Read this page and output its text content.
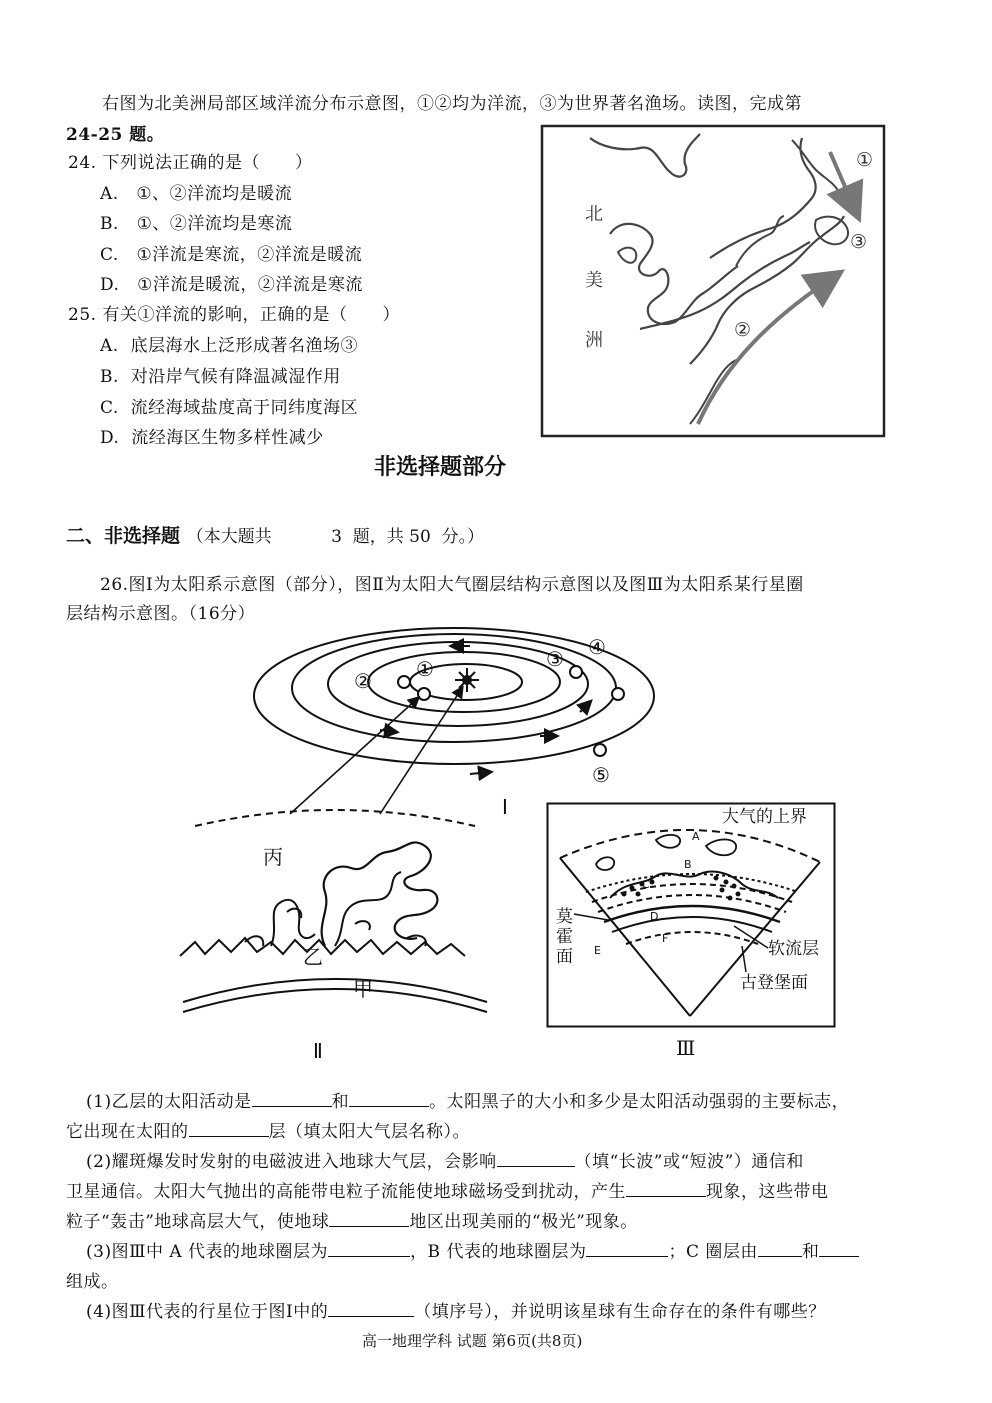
右图为北美洲局部区域洋流分布示意图，①②均为洋流，③为世界著名渔场。读图，完成第
24-25 题。
24. 下列说法正确的是（　　）
A. ①、②洋流均是暖流
B. ①、②洋流均是寒流
C. ①洋流是寒流，②洋流是暖流
D. ①洋流是暖流，②洋流是寒流
25. 有关①洋流的影响，正确的是（　　）
A. 底层海水上泛形成著名渔场③
B. 对沿岸气候有降温减湿作用
C. 流经海域盐度高于同纬度海区
D. 流经海区生物多样性减少
北
美
洲
①
③
②
非选择题部分
二、非选择题 （本大题共	3 题，共 50 分。）
26.图Ⅰ为太阳系示意图（部分），图Ⅱ为太阳大气圈层结构示意图以及图Ⅲ为太阳系某行星圈
层结构示意图。（16分）
①
②
③ ④
⑤
Ⅰ
丙
乙
甲
Ⅱ
A
B
C
D
E
F
大气的上界
莫
霍
面	软流层
古登堡面
Ⅲ
(1)乙层的太阳活动是	和	。太阳黑子的大小和多少是太阳活动强弱的主要标志，
它出现在太阳的	层（填太阳大气层名称）。
(2)耀斑爆发时发射的电磁波进入地球大气层，会影响	（填“长波”或“短波”）通信和
卫星通信。太阳大气抛出的高能带电粒子流能使地球磁场受到扰动，产生	现象，这些带电
粒子“轰击”地球高层大气，使地球	地区出现美丽的“极光”现象。
(3)图Ⅲ中 A 代表的地球圈层为	，B 代表的地球圈层为	；C 圈层由	和
组成。
(4)图Ⅲ代表的行星位于图Ⅰ中的	（填序号），并说明该星球有生命存在的条件有哪些？
高一地理学科 试题 第6页(共8页)
